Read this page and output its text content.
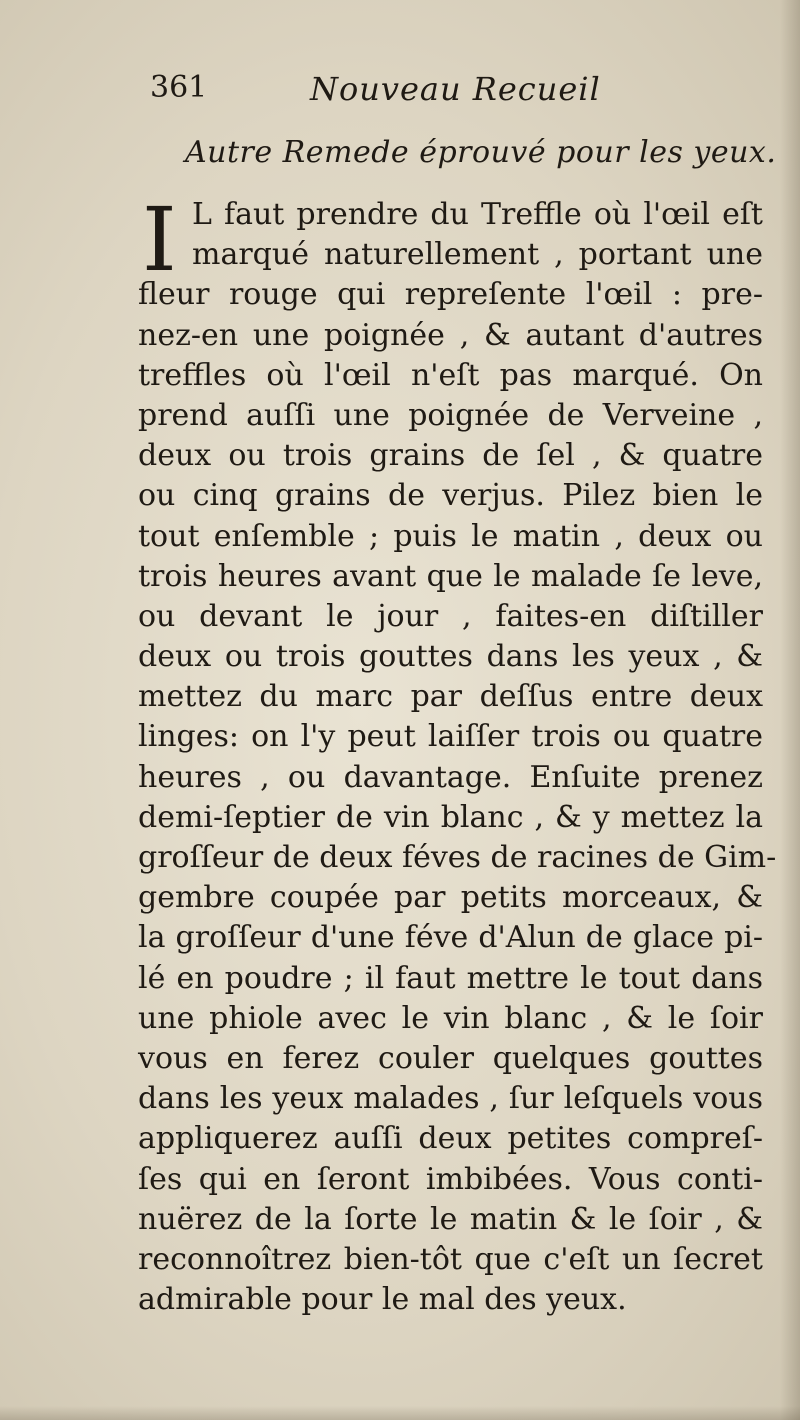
361	Nouveau Recueil
Autre Remede éprouvé pour les yeux.
I L faut prendre du Treffle où l'œil eſt
marqué naturellement , portant une
fleur rouge qui repreſente l'œil : pre-
nez-en une poignée , & autant d'autres
treffles où l'œil n'eſt pas marqué. On
prend auſſi une poignée de Verveine ,
deux ou trois grains de ſel , & quatre
ou cinq grains de verjus. Pilez bien le
tout enſemble ; puis le matin , deux ou
trois heures avant que le malade ſe leve,
ou devant le jour , faites-en diſtiller
deux ou trois gouttes dans les yeux , &
mettez du marc par deſſus entre deux
linges: on l'y peut laiſſer trois ou quatre
heures , ou davantage. Enſuite prenez
demi-ſeptier de vin blanc , & y mettez la
groſſeur de deux féves de racines de Gim-
gembre coupée par petits morceaux, &
la groſſeur d'une féve d'Alun de glace pi-
lé en poudre ; il faut mettre le tout dans
une phiole avec le vin blanc , & le ſoir
vous en ferez couler quelques gouttes
dans les yeux malades , ſur leſquels vous
appliquerez auſſi deux petites compreſ-
ſes qui en ſeront imbibées. Vous conti-
nuërez de la ſorte le matin & le ſoir , &
reconnoîtrez bien-tôt que c'eſt un ſecret
admirable pour le mal des yeux.
